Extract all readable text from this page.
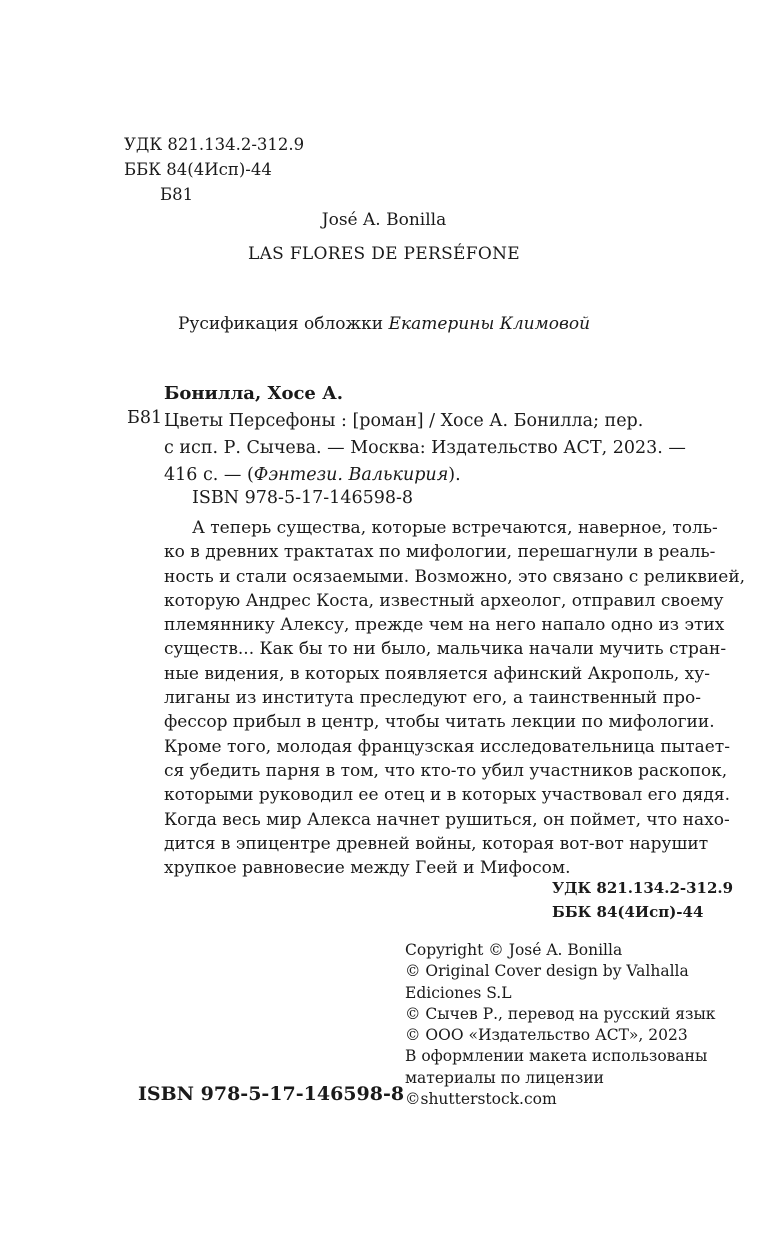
УДК 821.134.2-312.9
ББК 84(4Исп)-44
Б81
José A. Bonilla
LAS FLORES DE PERSÉFONE
Русификация обложки Екатерины Климовой
Бонилла, Хосе А.
Б81 Цветы Персефоны : [роман] / Хосе А. Бонилла; пер.
с исп. Р. Сычева. — Москва: Издательство АСТ, 2023. —
416 с. — (Фэнтези. Валькирия).
ISBN 978-5-17-146598-8
А теперь существа, которые встречаются, наверное, толь-
ко в древних трактатах по мифологии, перешагнули в реаль-
ность и стали осязаемыми. Возможно, это связано с реликвией,
которую Андрес Коста, известный археолог, отправил своему
племяннику Алексу, прежде чем на него напало одно из этих
существ... Как бы то ни было, мальчика начали мучить стран-
ные видения, в которых появляется афинский Акрополь, ху-
лиганы из института преследуют его, а таинственный про-
фессор прибыл в центр, чтобы читать лекции по мифологии.
Кроме того, молодая французская исследовательница пытает-
ся убедить парня в том, что кто-то убил участников раскопок,
которыми руководил ее отец и в которых участвовал его дядя.
Когда весь мир Алекса начнет рушиться, он поймет, что нахо-
дится в эпицентре древней войны, которая вот-вот нарушит
хрупкое равновесие между Геей и Мифосом.
УДК 821.134.2-312.9
ББК 84(4Исп)-44
Copyright © José A. Bonilla
© Original Cover design by Valhalla
Ediciones S.L
© Сычев Р., перевод на русский язык
© ООО «Издательство АСТ», 2023
В оформлении макета использованы
материалы по лицензии
©shutterstock.com
ISBN 978-5-17-146598-8
